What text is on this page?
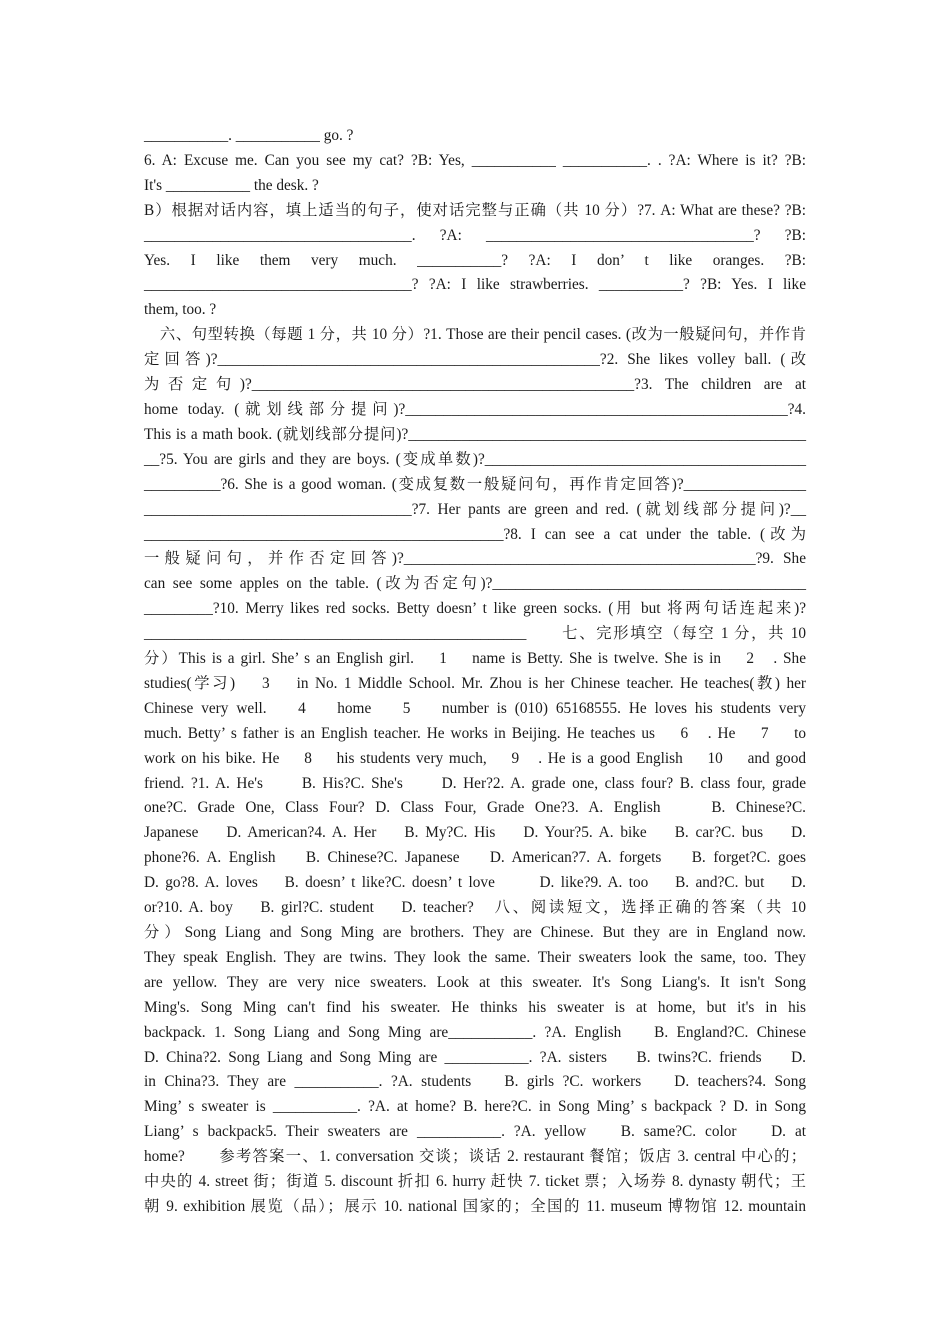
___________. ___________ go. ?

6. A: Excuse me. Can you see my cat? ?B: Yes, ___________ ___________. . ?A: Where is it? ?B:

It's ___________ the desk. ?

B）根据对话内容，填上适当的句子，使对话完整与正确（共 10 分）?7. A: What are these? ?B:

___________________________________. ?A: ___________________________________? ?B:

Yes. I like them very much. ___________? ?A: I don’ t like oranges. ?B:

___________________________________? ?A: I like strawberries. ___________? ?B: Yes. I like

them, too. ?

　六、句型转换（每题 1 分，共 10 分）?1. Those are their pencil cases. (改为一般疑问句，并作肯

定回答)?__________________________________________________?2. She likes volley ball. (改

为否定句)?__________________________________________________?3. The children are at

home today. (就划线部分提问)?__________________________________________________?4.

This is a math book. (就划线部分提问)?____________________________________________________

__?5. You are girls and they are boys. (变成单数)?__________________________________________

__________?6. She is a good woman. (变成复数一般疑问句，再作肯定回答)?________________

___________________________________?7. Her pants are green and red. (就划线部分提问)?__

_______________________________________________?8. I can see a cat under the table. (改为

一般疑问句，并作否定回答)?______________________________________________?9. She

can see some apples on the table. (改为否定句)?_________________________________________

_________?10. Merry likes red socks. Betty doesn’ t like green socks. (用 but 将两句话连起来)?

__________________________________________________　　七、完形填空（每空 1 分，共 10

分）This is a girl. She’ s an English girl.　 1　 name is Betty. She is twelve. She is in　 2　. She

studies(学习)　 3　 in No. 1 Middle School. Mr. Zhou is her Chinese teacher. He teaches(教) her

Chinese very well.　 4　 home　 5　 number is (010) 65168555. He loves his students very

much. Betty’ s father is an English teacher. He works in Beijing. He teaches us　 6　. He　 7　 to

work on his bike. He　 8　 his students very much,　 9　. He is a good English　 10　 and good

friend. ?1. A. He's　　B. His?C. She's　　D. Her?2. A. grade one, class four? B. class four, grade

one?C. Grade One, Class Four? D. Class Four, Grade One?3. A. English　　B. Chinese?C.

Japanese　 D. American?4. A. Her　 B. My?C. His　 D. Your?5. A. bike　 B. car?C. bus　 D.

phone?6. A. English　 B. Chinese?C. Japanese　 D. American?7. A. forgets　 B. forget?C. goes

D. go?8. A. loves　 B. doesn’ t like?C. doesn’ t love　　 D. like?9. A. too　 B. and?C. but　 D.

or?10. A. boy　 B. girl?C. student　 D. teacher?　八、阅读短文，选择正确的答案（共 10

分）Song Liang and Song Ming are brothers. They are Chinese. But they are in England now.

They speak English. They are twins. They look the same. Their sweaters look the same, too. They

are yellow. They are very nice sweaters. Look at this sweater. It's Song Liang's. It isn't Song

Ming's. Song Ming can't find his sweater. He thinks his sweater is at home, but it's in his

backpack. 1. Song Liang and Song Ming are___________. ?A. English　 B. England?C. Chinese

D. China?2. Song Liang and Song Ming are ___________. ?A. sisters　 B. twins?C. friends　 D.

in China?3. They are ___________. ?A. students　 B. girls ?C. workers　 D. teachers?4. Song

Ming’ s sweater is ___________. ?A. at home? B. here?C. in Song Ming’ s backpack ? D. in Song

Liang’ s backpack5. Their sweaters are ___________. ?A. yellow　 B. same?C. color　 D. at

home?　　参考答案一、1. conversation 交谈；谈话 2. restaurant 餐馆；饭店 3. central 中心的；

中央的 4. street 街；街道 5. discount 折扣 6. hurry 赶快 7. ticket 票；入场券 8. dynasty 朝代；王

朝 9. exhibition 展览（品）；展示 10. national 国家的；全国的 11. museum 博物馆 12. mountain
